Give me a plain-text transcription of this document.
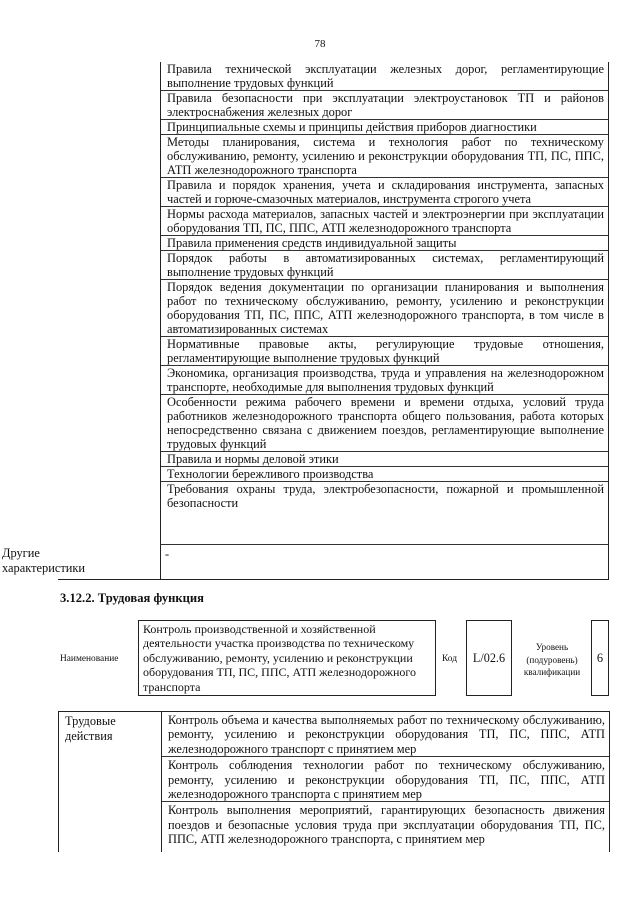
78
Правила технической эксплуатации железных дорог, регламентирующие выполнение трудовых функций
Правила безопасности при эксплуатации электроустановок ТП и районов электроснабжения железных дорог
Принципиальные схемы и принципы действия приборов диагностики
Методы планирования, система и технология работ по техническому обслуживанию, ремонту, усилению и реконструкции оборудования ТП, ПС, ППС, АТП железнодорожного транспорта
Правила и порядок хранения, учета и складирования инструмента, запасных частей и горюче-смазочных материалов, инструмента строгого учета
Нормы расхода материалов, запасных частей и электроэнергии при эксплуатации оборудования ТП, ПС, ППС, АТП железнодорожного транспорта
Правила применения средств индивидуальной защиты
Порядок работы в автоматизированных системах, регламентирующий выполнение трудовых функций
Порядок ведения документации по организации планирования и выполнения работ по техническому обслуживанию, ремонту, усилению и реконструкции оборудования ТП, ПС, ППС, АТП железнодорожного транспорта, в том числе в автоматизированных системах
Нормативные правовые акты, регулирующие трудовые отношения, регламентирующие выполнение трудовых функций
Экономика, организация производства, труда и управления на железнодорожном транспорте, необходимые для выполнения трудовых функций
Особенности режима рабочего времени и времени отдыха, условий труда работников железнодорожного транспорта общего пользования, работа которых непосредственно связана с движением поездов, регламентирующие выполнение трудовых функций
Правила и нормы деловой этики
Технологии бережливого производства
Требования охраны труда, электробезопасности, пожарной и промышленной безопасности
Другие характеристики
-
3.12.2. Трудовая функция
Наименование
Контроль производственной и хозяйственной деятельности участка производства по техническому обслуживанию, ремонту, усилению и реконструкции оборудования ТП, ПС, ППС, АТП железнодорожного транспорта
Код	L/02.6
Уровень (подуровень) квалификации
6
Трудовые действия
Контроль объема и качества выполняемых работ по техническому обслуживанию, ремонту, усилению и реконструкции оборудования ТП, ПС, ППС, АТП железнодорожного транспорт с принятием мер
Контроль соблюдения технологии работ по техническому обслуживанию, ремонту, усилению и реконструкции оборудования ТП, ПС, ППС, АТП железнодорожного транспорта с принятием мер
Контроль выполнения мероприятий, гарантирующих безопасность движения поездов и безопасные условия труда при эксплуатации оборудования ТП, ПС, ППС, АТП железнодорожного транспорта, с принятием мер
